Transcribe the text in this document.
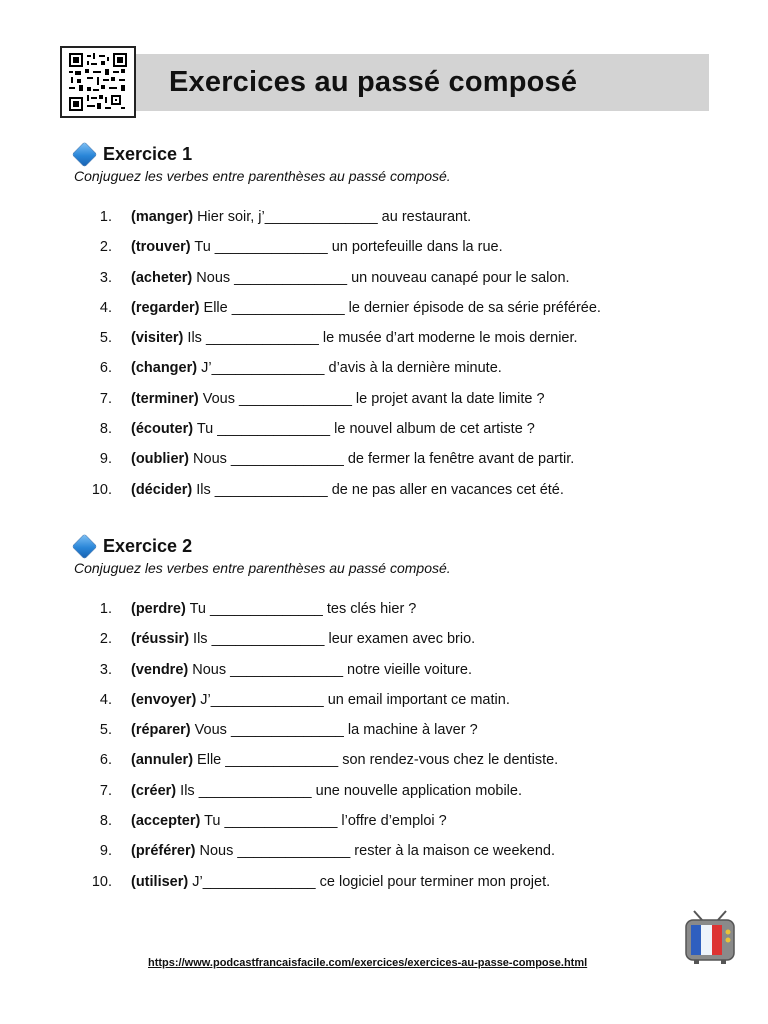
Exercices au passé composé
Exercice 1
Conjuguez les verbes entre parenthèses au passé composé.
1. (manger) Hier soir, j’______________ au restaurant.
2. (trouver) Tu ______________ un portefeuille dans la rue.
3. (acheter) Nous ______________ un nouveau canapé pour le salon.
4. (regarder) Elle ______________ le dernier épisode de sa série préférée.
5. (visiter) Ils ______________ le musée d’art moderne le mois dernier.
6. (changer) J’______________ d’avis à la dernière minute.
7. (terminer) Vous ______________ le projet avant la date limite ?
8. (écouter) Tu ______________ le nouvel album de cet artiste ?
9. (oublier) Nous ______________ de fermer la fenêtre avant de partir.
10. (décider) Ils ______________ de ne pas aller en vacances cet été.
Exercice 2
Conjuguez les verbes entre parenthèses au passé composé.
1. (perdre) Tu ______________ tes clés hier ?
2. (réussir) Ils ______________ leur examen avec brio.
3. (vendre) Nous ______________ notre vieille voiture.
4. (envoyer) J’______________ un email important ce matin.
5. (réparer) Vous ______________ la machine à laver ?
6. (annuler) Elle ______________ son rendez-vous chez le dentiste.
7. (créer) Ils ______________ une nouvelle application mobile.
8. (accepter) Tu ______________ l’offre d’emploi ?
9. (préférer) Nous ______________ rester à la maison ce weekend.
10. (utiliser) J’______________ ce logiciel pour terminer mon projet.
https://www.podcastfrancaisfacile.com/exercices/exercices-au-passe-compose.html
